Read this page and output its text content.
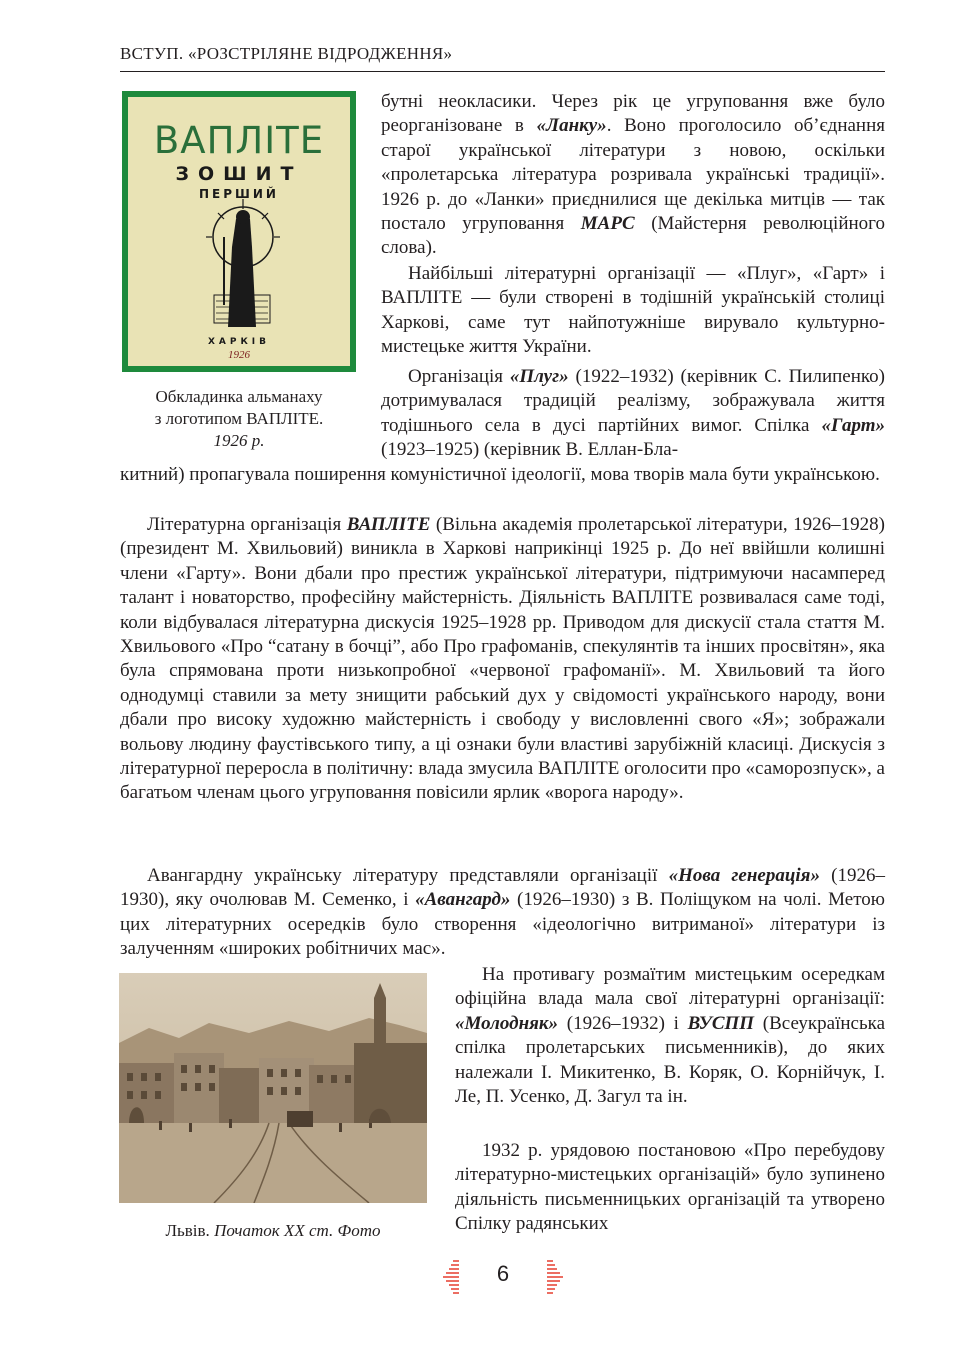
ВСТУП. «РОЗСТРІЛЯНЕ ВІДРОДЖЕННЯ»
ВАПЛІТЕ
ЗОШИТ
ПЕРШИЙ
ХАРКІВ
1926
Обкладинка альманаху
з логотипом ВАПЛІТЕ.
1926 р.

бутні неокласики. Через рік це угруповання вже було реорганізоване в «Ланку». Воно проголосило об’єднання старої української літератури з новою, оскільки «пролетарська література розривала українські традиції». 1926 р. до «Ланки» приєднилися ще декілька митців — так постало угруповання МАРС (Майстерня революційного слова).

Найбільші літературні організації — «Плуг», «Гарт» і ВАПЛІТЕ — були створені в тодішній українській столиці Харкові, саме тут найпотужніше вирувало культурно-мистецьке життя України.

Організація «Плуг» (1922–1932) (керівник С. Пилипенко) дотримувалася традицій реалізму, зображувала життя тодішнього села в дусі партійних вимог. Спілка «Гарт» (1923–1925) (керівник В. Еллан-Бла-

китний) пропагувала поширення комуністичної ідеології, мова творів мала бути українською.

Літературна організація ВАПЛІТЕ (Вільна академія пролетарської літератури, 1926–1928) (президент М. Хвильовий) виникла в Харкові наприкінці 1925 р. До неї ввійшли колишні члени «Гарту». Вони дбали про престиж української літератури, підтримуючи насамперед талант і новаторство, професійну майстерність. Діяльність ВАПЛІТЕ розвивалася саме тоді, коли відбувалася літературна дискусія 1925–1928 рр. Приводом для дискусії стала стаття М. Хвильового «Про “сатану в бочці”, або Про графоманів, спекулянтів та інших просвітян», яка була спрямована проти низькопробної «червоної графоманії». М. Хвильовий та його однодумці ставили за мету знищити рабський дух у свідомості українського народу, вони дбали про високу художню майстерність і свободу у висловленні свого «Я»; зображали вольову людину фаустівського типу, а ці ознаки були властиві зарубіжній класиці. Дискусія з літературної переросла в політичну: влада змусила ВАПЛІТЕ оголосити про «саморозпуск», а багатьом членам цього угруповання повісили ярлик «ворога народу».

Авангардну українську літературу представляли організації «Нова генерація» (1926–1930), яку очолював М. Семенко, і «Авангард» (1926–1930) з В. Поліщуком на чолі. Метою цих літературних осередків було створення «ідеологічно витриманої» літератури із залученням «широких робітничих мас».

Львів. Початок XX ст. Фото

На противагу розмаїтим мистецьким осередкам офіційна влада мала свої літературні організації: «Молодняк» (1926–1932) і ВУСПП (Всеукраїнська спілка пролетарських письменників), до яких належали І. Микитенко, В. Коряк, О. Корнійчук, І. Ле, П. Усенко, Д. Загул та ін.

1932 р. урядовою постановою «Про перебудову літературно-мистецьких організацій» було зупинено діяльність письменницьких організацій та утворено Спілку радянських

6
